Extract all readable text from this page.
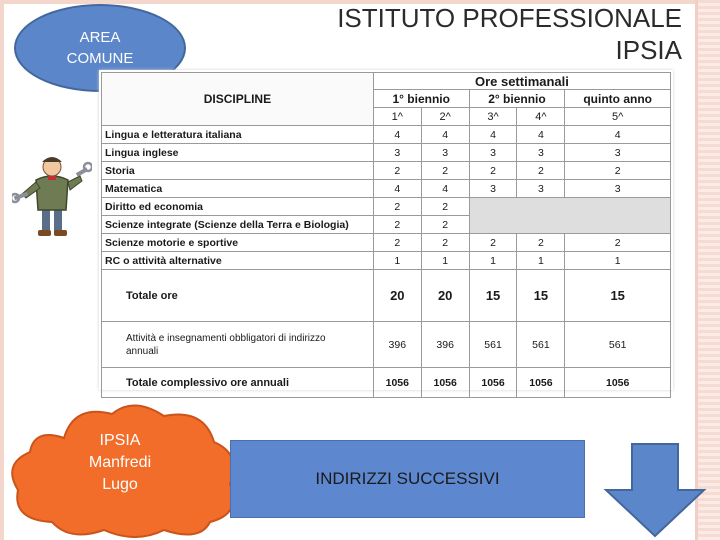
AREA
COMUNE
ISTITUTO PROFESSIONALE
IPSIA
DISCIPLINE	Ore settimanali				
	1° biennio		2° biennio		quinto anno
	1^	2^	3^	4^	5^
Lingua e letteratura italiana	4	4	4	4	4
Lingua inglese	3	3	3	3	3
Storia	2	2	2	2	2
Matematica	4	4	3	3	3
Diritto ed economia	2	2			
Scienze integrate (Scienze della Terra e Biologia)	2	2			
Scienze motorie e sportive	2	2	2	2	2
RC o attività alternative	1	1	1	1	1
Totale ore	20	20	15	15	15

Attività e insegnamenti obbligatori di indirizzo
annuali	396	396	561	561	561
Totale complessivo ore annuali	1056	1056	1056	1056	1056
IPSIA
Manfredi
Lugo	INDIRIZZI SUCCESSIVI
